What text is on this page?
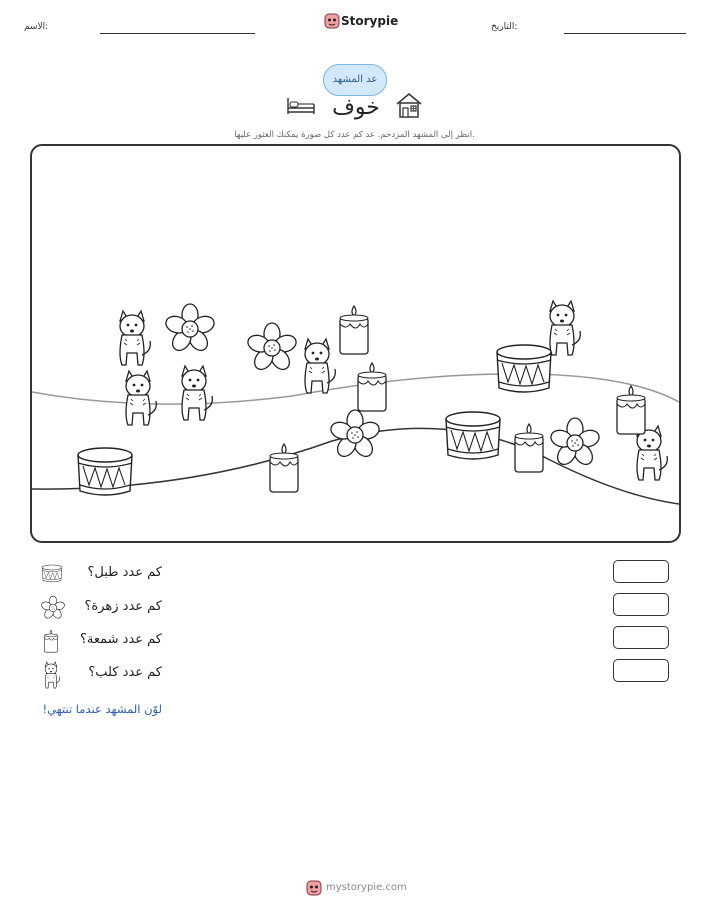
الاسم:	Storypie	التاريخ:
عد المشهد
خوف
انظر إلى المشهد المزدحم. عد كم عدد كل صورة يمكنك العثور عليها.
كم عدد طبل؟
كم عدد زهرة؟
كم عدد شمعة؟
كم عدد كلب؟
لوّن المشهد عندما تنتهي!
mystorypie.com
